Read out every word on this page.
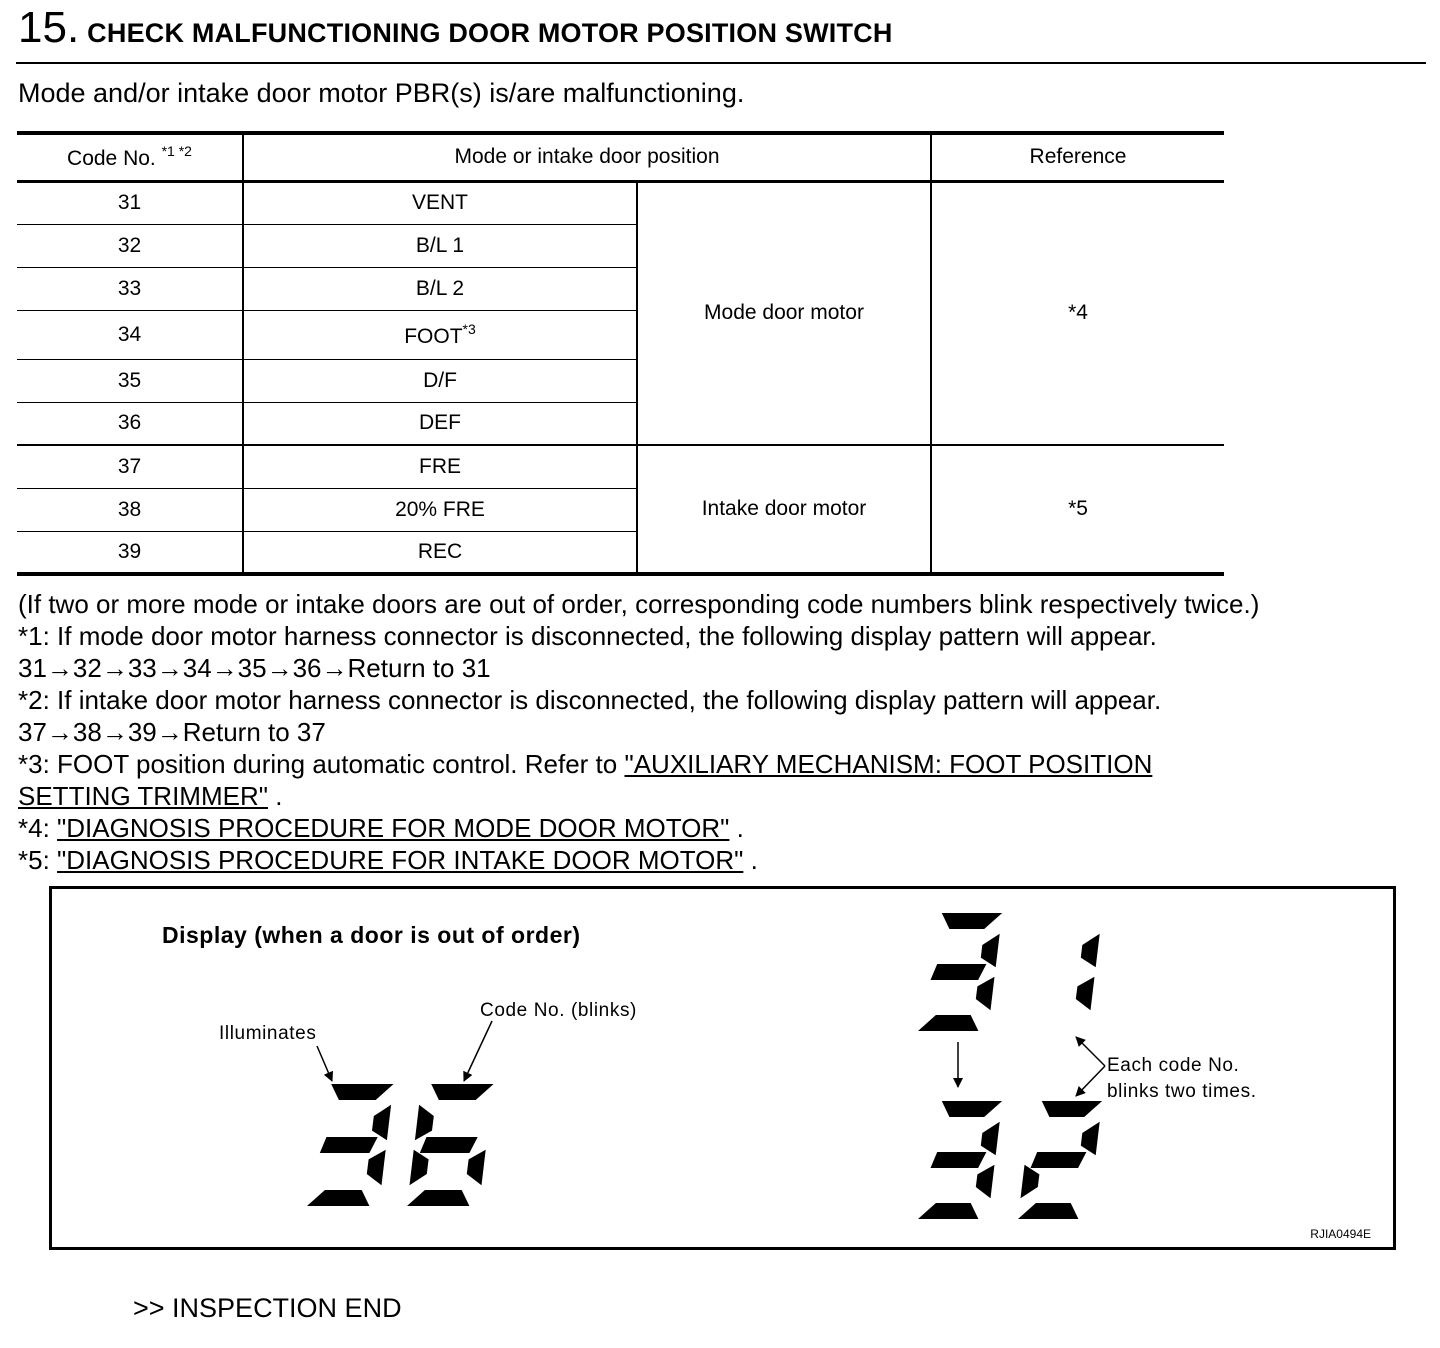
15. CHECK MALFUNCTIONING DOOR MOTOR POSITION SWITCH
Mode and/or intake door motor PBR(s) is/are malfunctioning.
Code No. $^{*1 *2}$	Mode or intake door position		Reference
31	VENT	Mode door motor	*4
32	B/L 1		
33	B/L 2		
34	FOOT$^{*3}$
35	D/F		
36	DEF		
37	FRE	Intake door motor	*5
38	20% FRE		
39	REC		
(If two or more mode or intake doors are out of order, corresponding code numbers blink respectively twice.)
*1: If mode door motor harness connector is disconnected, the following display pattern will appear.
31→32→33→34→35→36→Return to 31
*2: If intake door motor harness connector is disconnected, the following display pattern will appear.
37→38→39→Return to 37
*3: FOOT position during automatic control. Refer to "AUXILIARY MECHANISM: FOOT POSITION
SETTING TRIMMER" .
*4: "DIAGNOSIS PROCEDURE FOR MODE DOOR MOTOR" .
*5: "DIAGNOSIS PROCEDURE FOR INTAKE DOOR MOTOR" .
Display (when a door is out of order)
Illuminates
Code No. (blinks)
Each code No.
blinks two times.
RJIA0494E
>> INSPECTION END
